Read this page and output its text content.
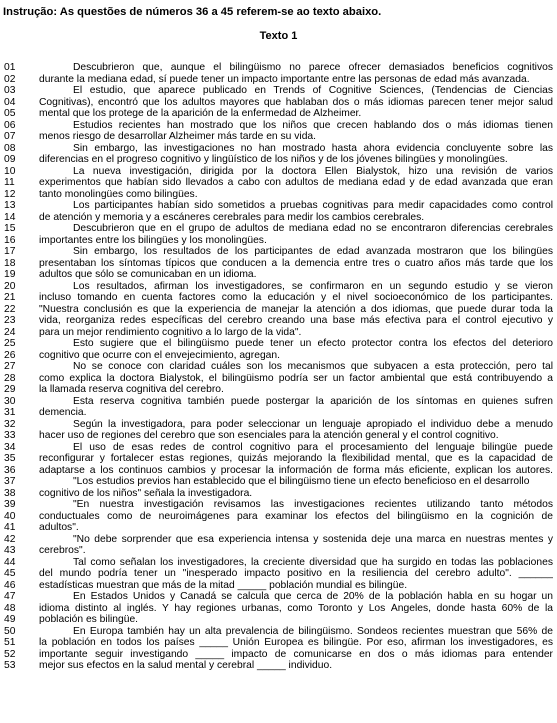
Instrução: As questões de números 36 a 45 referem-se ao texto abaixo.
Texto 1
01	Descubrieron que, aunque el bilingüismo no parece ofrecer demasiados beneficios cognitivos
02	durante la mediana edad, sí puede tener un impacto importante entre las personas de edad más avanzada.
03	El estudio, que aparece publicado en Trends of Cognitive Sciences, (Tendencias de Ciencias
04	Cognitivas), encontró que los adultos mayores que hablaban dos o más idiomas parecen tener mejor salud
05	mental que los protege de la aparición de la enfermedad de Alzheimer.
06	Estudios recientes han mostrado que los niños que crecen hablando dos o más idiomas tienen
07	menos riesgo de desarrollar Alzheimer más tarde en su vida.
08	Sin embargo, las investigaciones no han mostrado hasta ahora evidencia concluyente sobre las
09	diferencias en el progreso cognitivo y lingüístico de los niños y de los jóvenes bilingües y monolingües.
10	La nueva investigación, dirigida por la doctora Ellen Bialystok, hizo una revisión de varios
11	experimentos que habían sido llevados a cabo con adultos de mediana edad y de edad avanzada que eran
12	tanto monolingües como bilingües.
13	Los participantes habían sido sometidos a pruebas cognitivas para medir capacidades como control
14	de atención y memoria y a escáneres cerebrales para medir los cambios cerebrales.
15	Descubrieron que en el grupo de adultos de mediana edad no se encontraron diferencias cerebrales
16	importantes entre los bilingües y los monolingües.
17	Sin embargo, los resultados de los participantes de edad avanzada mostraron que los bilingües
18	presentaban los síntomas típicos que conducen a la demencia entre tres o cuatro años más tarde que los
19	adultos que sólo se comunicaban en un idioma.
20	Los resultados, afirman los investigadores, se confirmaron en un segundo estudio y se vieron
21	incluso tomando en cuenta factores como la educación y el nivel socioeconómico de los participantes.
22	"Nuestra conclusión es que la experiencia de manejar la atención a dos idiomas, que puede durar toda la
23	vida, reorganiza redes específicas del cerebro creando una base más efectiva para el control ejecutivo y
24	para un mejor rendimiento cognitivo a lo largo de la vida".
25	Esto sugiere que el bilingüismo puede tener un efecto protector contra los efectos del deterioro
26	cognitivo que ocurre con el envejecimiento, agregan.
27	No se conoce con claridad cuáles son los mecanismos que subyacen a esta protección, pero tal
28	como explica la doctora Bialystok, el bilingüismo podría ser un factor ambiental que está contribuyendo a
29	la llamada reserva cognitiva del cerebro.
30	Esta reserva cognitiva también puede postergar la aparición de los síntomas en quienes sufren
31	demencia.
32	Según la investigadora, para poder seleccionar un lenguaje apropiado el individuo debe a menudo
33	hacer uso de regiones del cerebro que son esenciales para la atención general y el control cognitivo.
34	El uso de esas redes de control cognitivo para el procesamiento del lenguaje bilingüe puede
35	reconfigurar y fortalecer estas regiones, quizás mejorando la flexibilidad mental, que es la capacidad de
36	adaptarse a los continuos cambios y procesar la información de forma más eficiente, explican los autores.
37	"Los estudios previos han establecido que el bilingüismo tiene un efecto beneficioso en el desarrollo
38	cognitivo de los niños" señala la investigadora.
39	"En nuestra investigación revisamos las investigaciones recientes utilizando tanto métodos
40	conductuales como de neuroimágenes para examinar los efectos del bilingüismo en la cognición de
41	adultos".
42	"No debe sorprender que esa experiencia intensa y sostenida deje una marca en nuestras mentes y
43	cerebros".
44	Tal como señalan los investigadores, la creciente diversidad que ha surgido en todas las poblaciones
45	del mundo podría tener un "inesperado impacto positivo en la resiliencia del cerebro adulto". ______
46	estadísticas muestran que más de la mitad _____ población mundial es bilingüe.
47	En Estados Unidos y Canadá se calcula que cerca de 20% de la población habla en su hogar un
48	idioma distinto al inglés. Y hay regiones urbanas, como Toronto y Los Ángeles, donde hasta 60% de la
49	población es bilingüe.
50	En Europa también hay un alta prevalencia de bilingüismo. Sondeos recientes muestran que 56% de
51	la población en todos los países _____ Unión Europea es bilingüe. Por eso, afirman los investigadores, es
52	importante seguir investigando _____ impacto de comunicarse en dos o más idiomas para entender
53	mejor sus efectos en la salud mental y cerebral _____ individuo.
